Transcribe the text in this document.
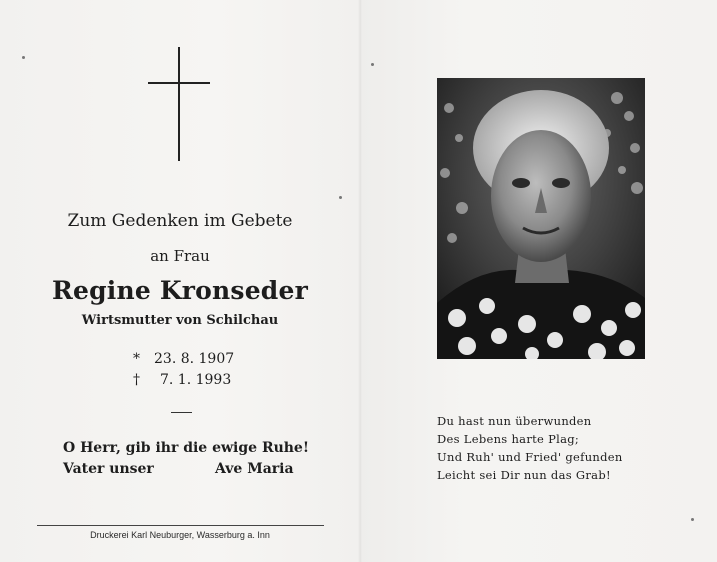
Zum Gedenken im Gebete
an Frau
Regine Kronseder
Wirtsmutter von Schilchau
* 23. 8. 1907
† 7. 1. 1993
O Herr, gib ihr die ewige Ruhe!
Vater unser	Ave Maria
Druckerei Karl Neuburger, Wasserburg a. Inn
Du hast nun überwunden
Des Lebens harte Plag;
Und Ruh' und Fried' gefunden
Leicht sei Dir nun das Grab!
